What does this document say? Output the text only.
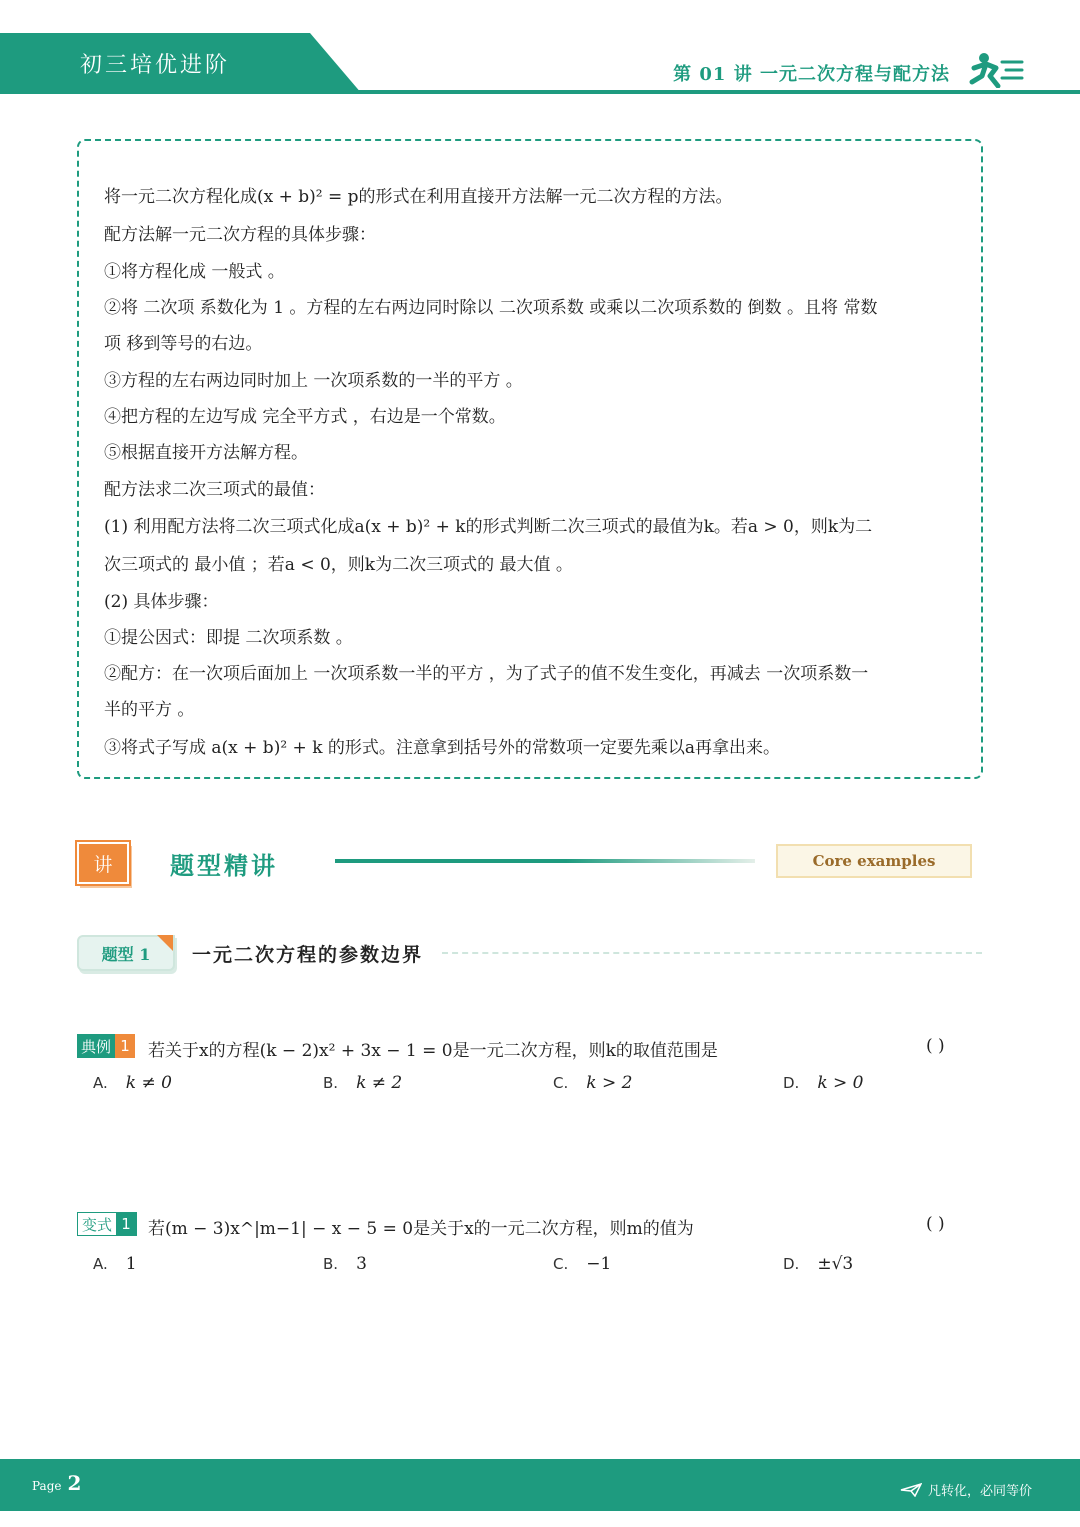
初三培优进阶	第 01 讲 一元二次方程与配方法
将一元二次方程化成(x + b)² = p的形式在利用直接开方法解一元二次方程的方法。
配方法解一元二次方程的具体步骤：
①将方程化成 一般式 。
②将 二次项 系数化为 1 。方程的左右两边同时除以 二次项系数 或乘以二次项系数的 倒数 。且将 常数
项 移到等号的右边。
③方程的左右两边同时加上 一次项系数的一半的平方 。
④把方程的左边写成 完全平方式 ，右边是一个常数。
⑤根据直接开方法解方程。
配方法求二次三项式的最值：
(1) 利用配方法将二次三项式化成a(x + b)² + k的形式判断二次三项式的最值为k。若a > 0，则k为二
次三项式的 最小值 ；若a < 0，则k为二次三项式的 最大值 。
(2) 具体步骤：
①提公因式：即提 二次项系数 。
②配方：在一次项后面加上 一次项系数一半的平方 ，为了式子的值不发生变化，再减去 一次项系数一
半的平方 。
③将式子写成 a(x + b)² + k 的形式。注意拿到括号外的常数项一定要先乘以a再拿出来。
讲	题型精讲	Core examples
题型 1	一元二次方程的参数边界
典例 1	若关于x的方程(k − 2)x² + 3x − 1 = 0是一元二次方程，则k的取值范围是	( )
A. k ≠ 0	B. k ≠ 2	C. k > 2	D. k > 0
变式 1	若(m − 3)x^|m−1| − x − 5 = 0是关于x的一元二次方程，则m的值为	( )
A. 1	B. 3	C. −1	D. ±√3
Page 2	凡转化，必同等价
